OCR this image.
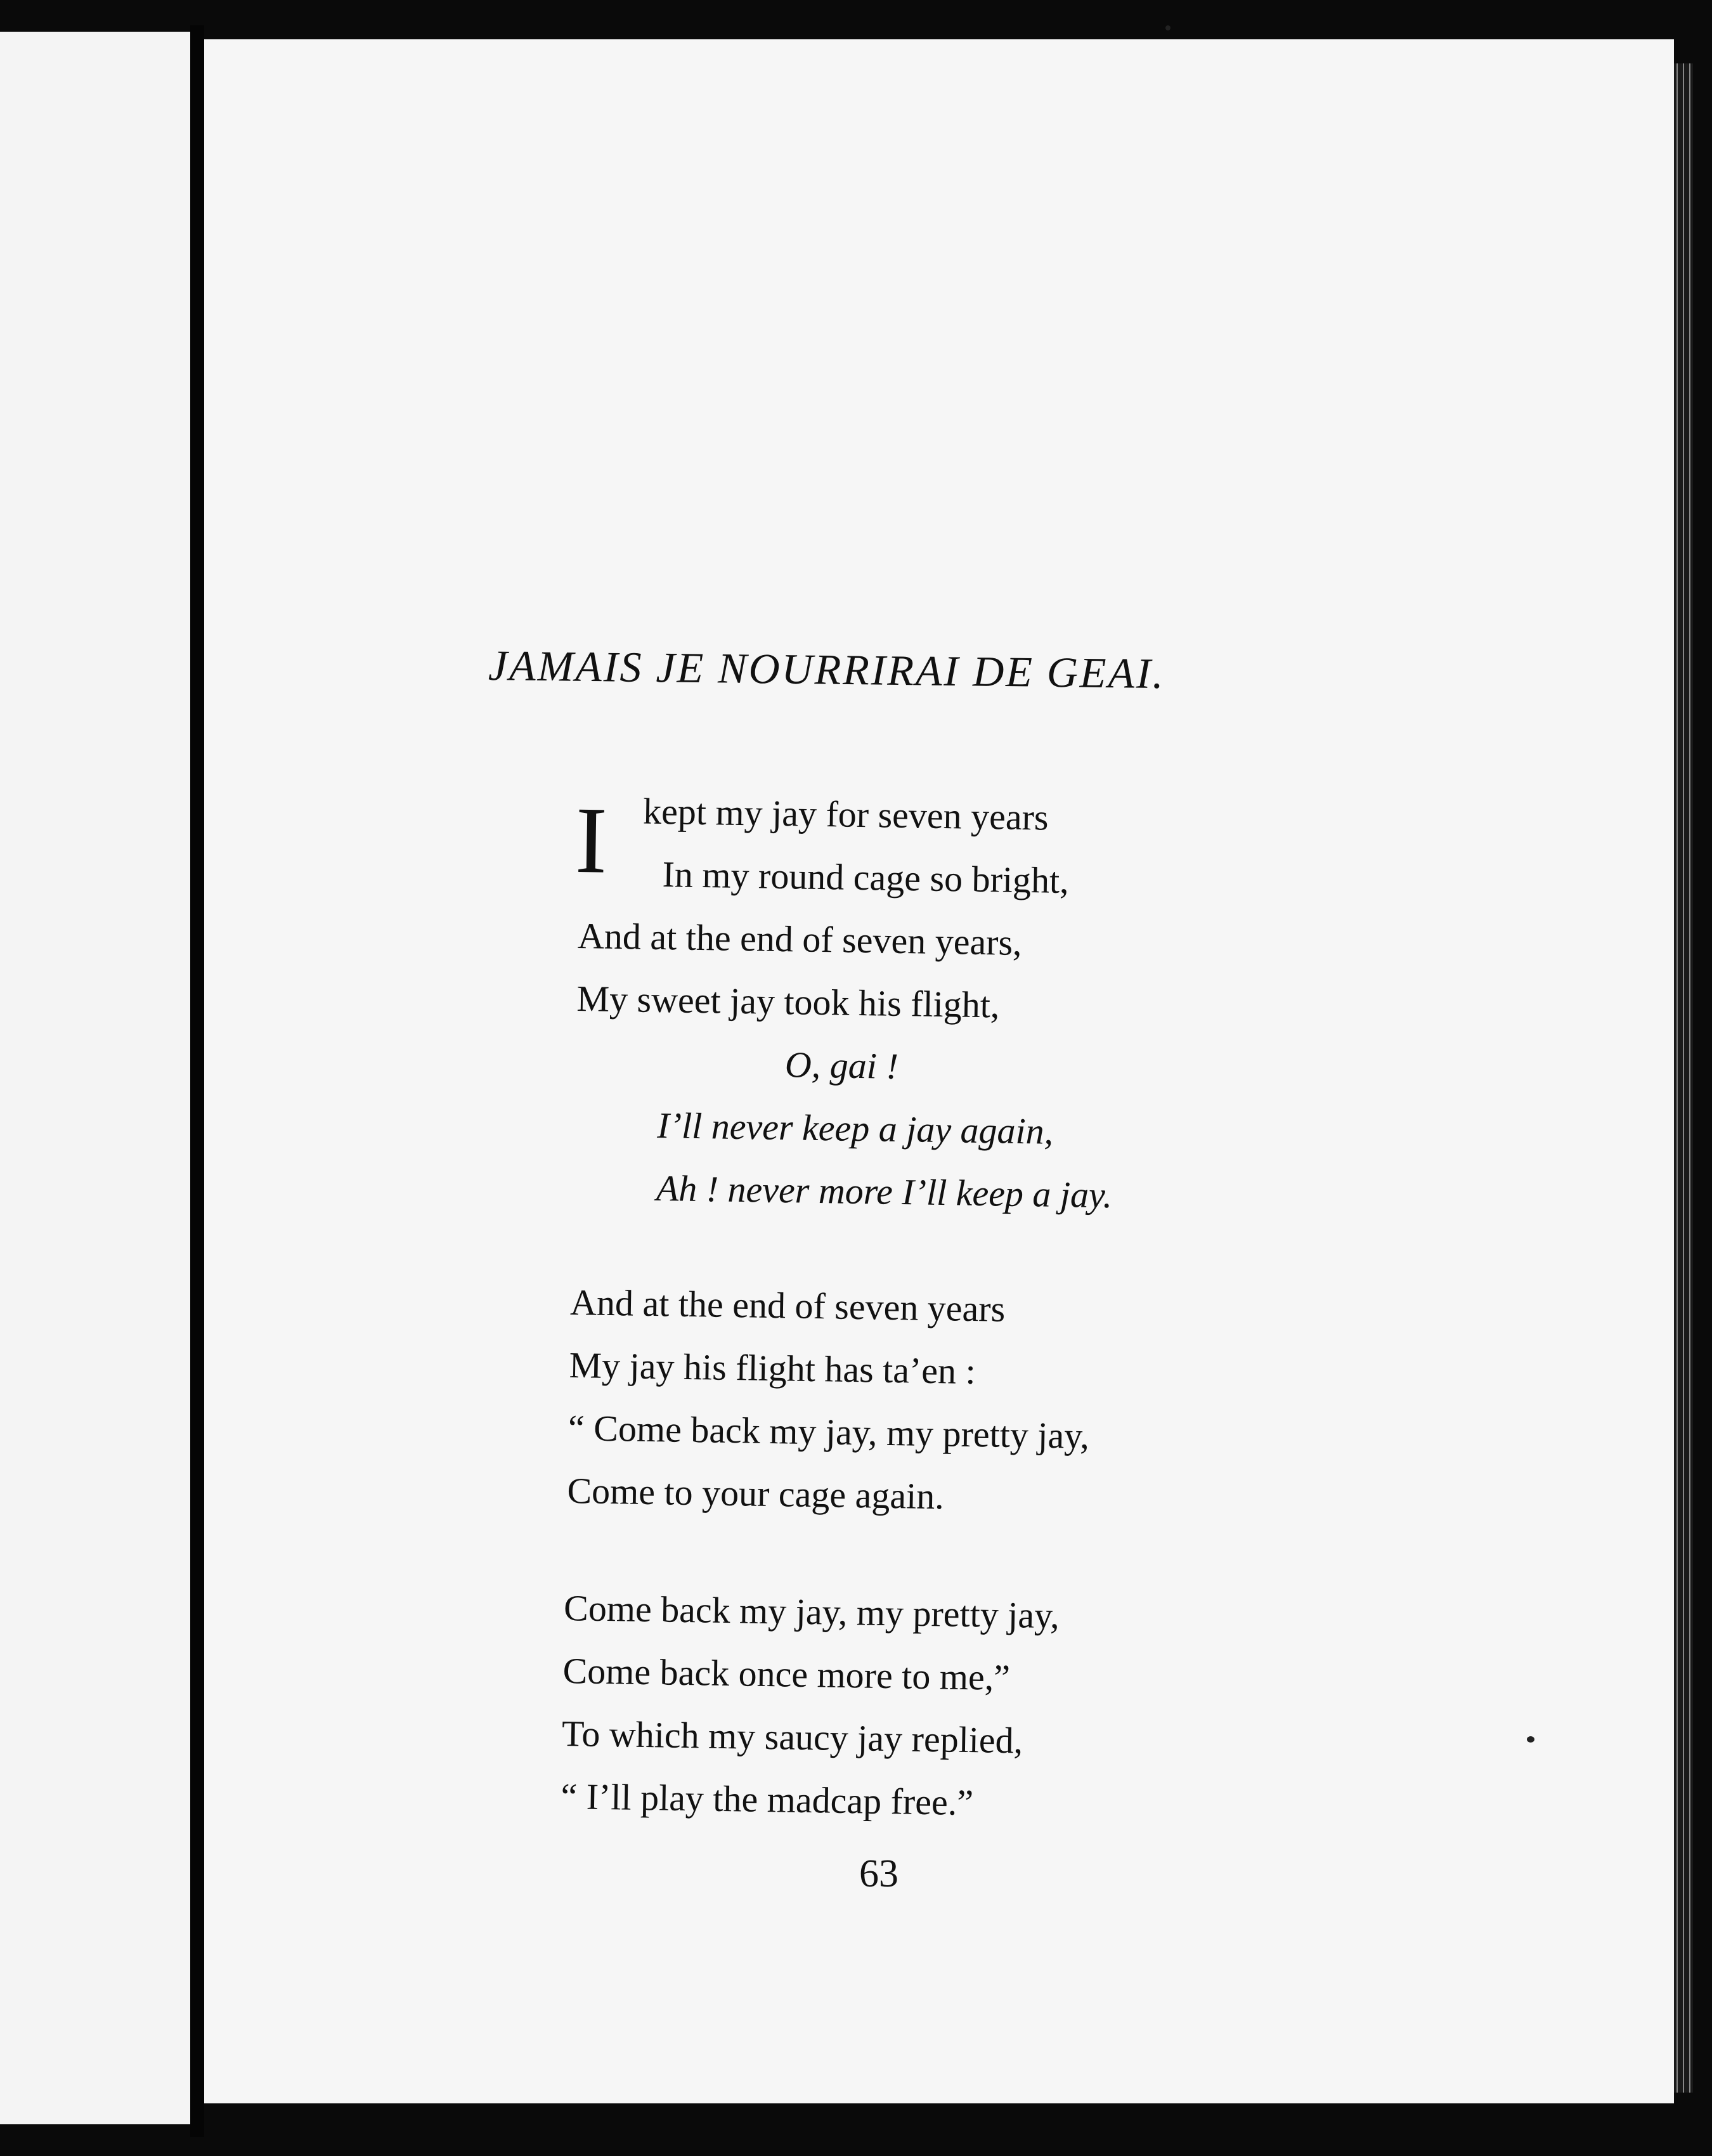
JAMAIS JE NOURRIRAI DE GEAI.
I kept my jay for seven years
In my round cage so bright,
And at the end of seven years,
My sweet jay took his flight,
O, gai !
I’ll never keep a jay again,
Ah ! never more I’ll keep a jay.
And at the end of seven years
My jay his flight has ta’en :
“ Come back my jay, my pretty jay,
Come to your cage again.
Come back my jay, my pretty jay,
Come back once more to me,”
To which my saucy jay replied,
“ I’ll play the madcap free.”
63
